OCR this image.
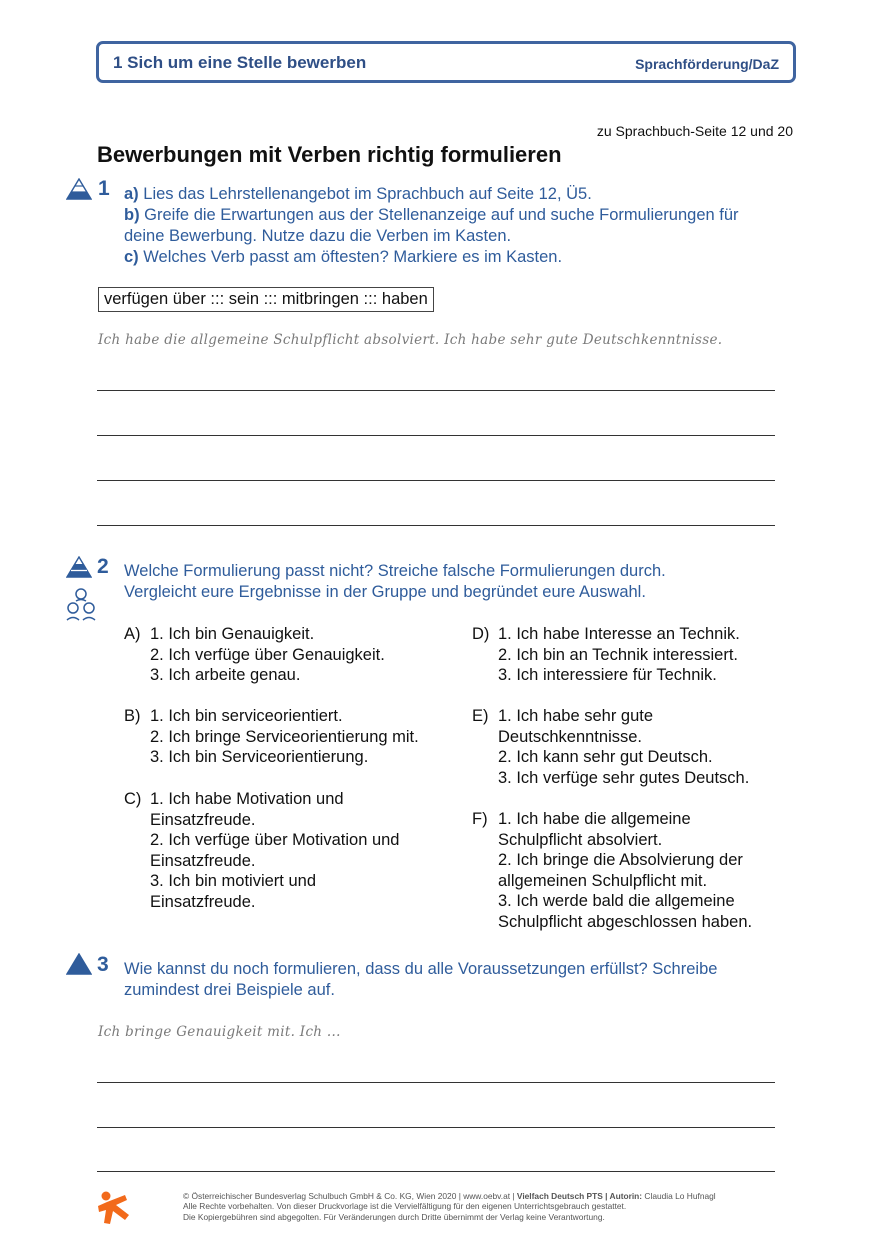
1 Sich um eine Stelle bewerben	Sprachförderung/DaZ
zu Sprachbuch-Seite 12 und 20
Bewerbungen mit Verben richtig formulieren
1 a) Lies das Lehrstellenangebot im Sprachbuch auf Seite 12, Ü5.
b) Greife die Erwartungen aus der Stellenanzeige auf und suche Formulierungen für
deine Bewerbung. Nutze dazu die Verben im Kasten.
c) Welches Verb passt am öftesten? Markiere es im Kasten.
verfügen über ::: sein ::: mitbringen ::: haben
Ich habe die allgemeine Schulpflicht absolviert. Ich habe sehr gute Deutschkenntnisse.
2 Welche Formulierung passt nicht? Streiche falsche Formulierungen durch.
Vergleicht eure Ergebnisse in der Gruppe und begründet eure Auswahl.
A) 1. Ich bin Genauigkeit.
2. Ich verfüge über Genauigkeit.
3. Ich arbeite genau.
B) 1. Ich bin serviceorientiert.
2. Ich bringe Serviceorientierung mit.
3. Ich bin Serviceorientierung.
C) 1. Ich habe Motivation und
Einsatzfreude.
2. Ich verfüge über Motivation und
Einsatzfreude.
3. Ich bin motiviert und
Einsatzfreude.
D) 1. Ich habe Interesse an Technik.
2. Ich bin an Technik interessiert.
3. Ich interessiere für Technik.
E) 1. Ich habe sehr gute
Deutschkenntnisse.
2. Ich kann sehr gut Deutsch.
3. Ich verfüge sehr gutes Deutsch.
F) 1. Ich habe die allgemeine
Schulpflicht absolviert.
2. Ich bringe die Absolvierung der
allgemeinen Schulpflicht mit.
3. Ich werde bald die allgemeine
Schulpflicht abgeschlossen haben.
3 Wie kannst du noch formulieren, dass du alle Voraussetzungen erfüllst? Schreibe
zumindest drei Beispiele auf.
Ich bringe Genauigkeit mit. Ich ...
© Österreichischer Bundesverlag Schulbuch GmbH & Co. KG, Wien 2020 | www.oebv.at | Vielfach Deutsch PTS | Autorin: Claudia Lo Hufnagl
Alle Rechte vorbehalten. Von dieser Druckvorlage ist die Vervielfältigung für den eigenen Unterrichtsgebrauch gestattet.
Die Kopiergebühren sind abgegolten. Für Veränderungen durch Dritte übernimmt der Verlag keine Verantwortung.
